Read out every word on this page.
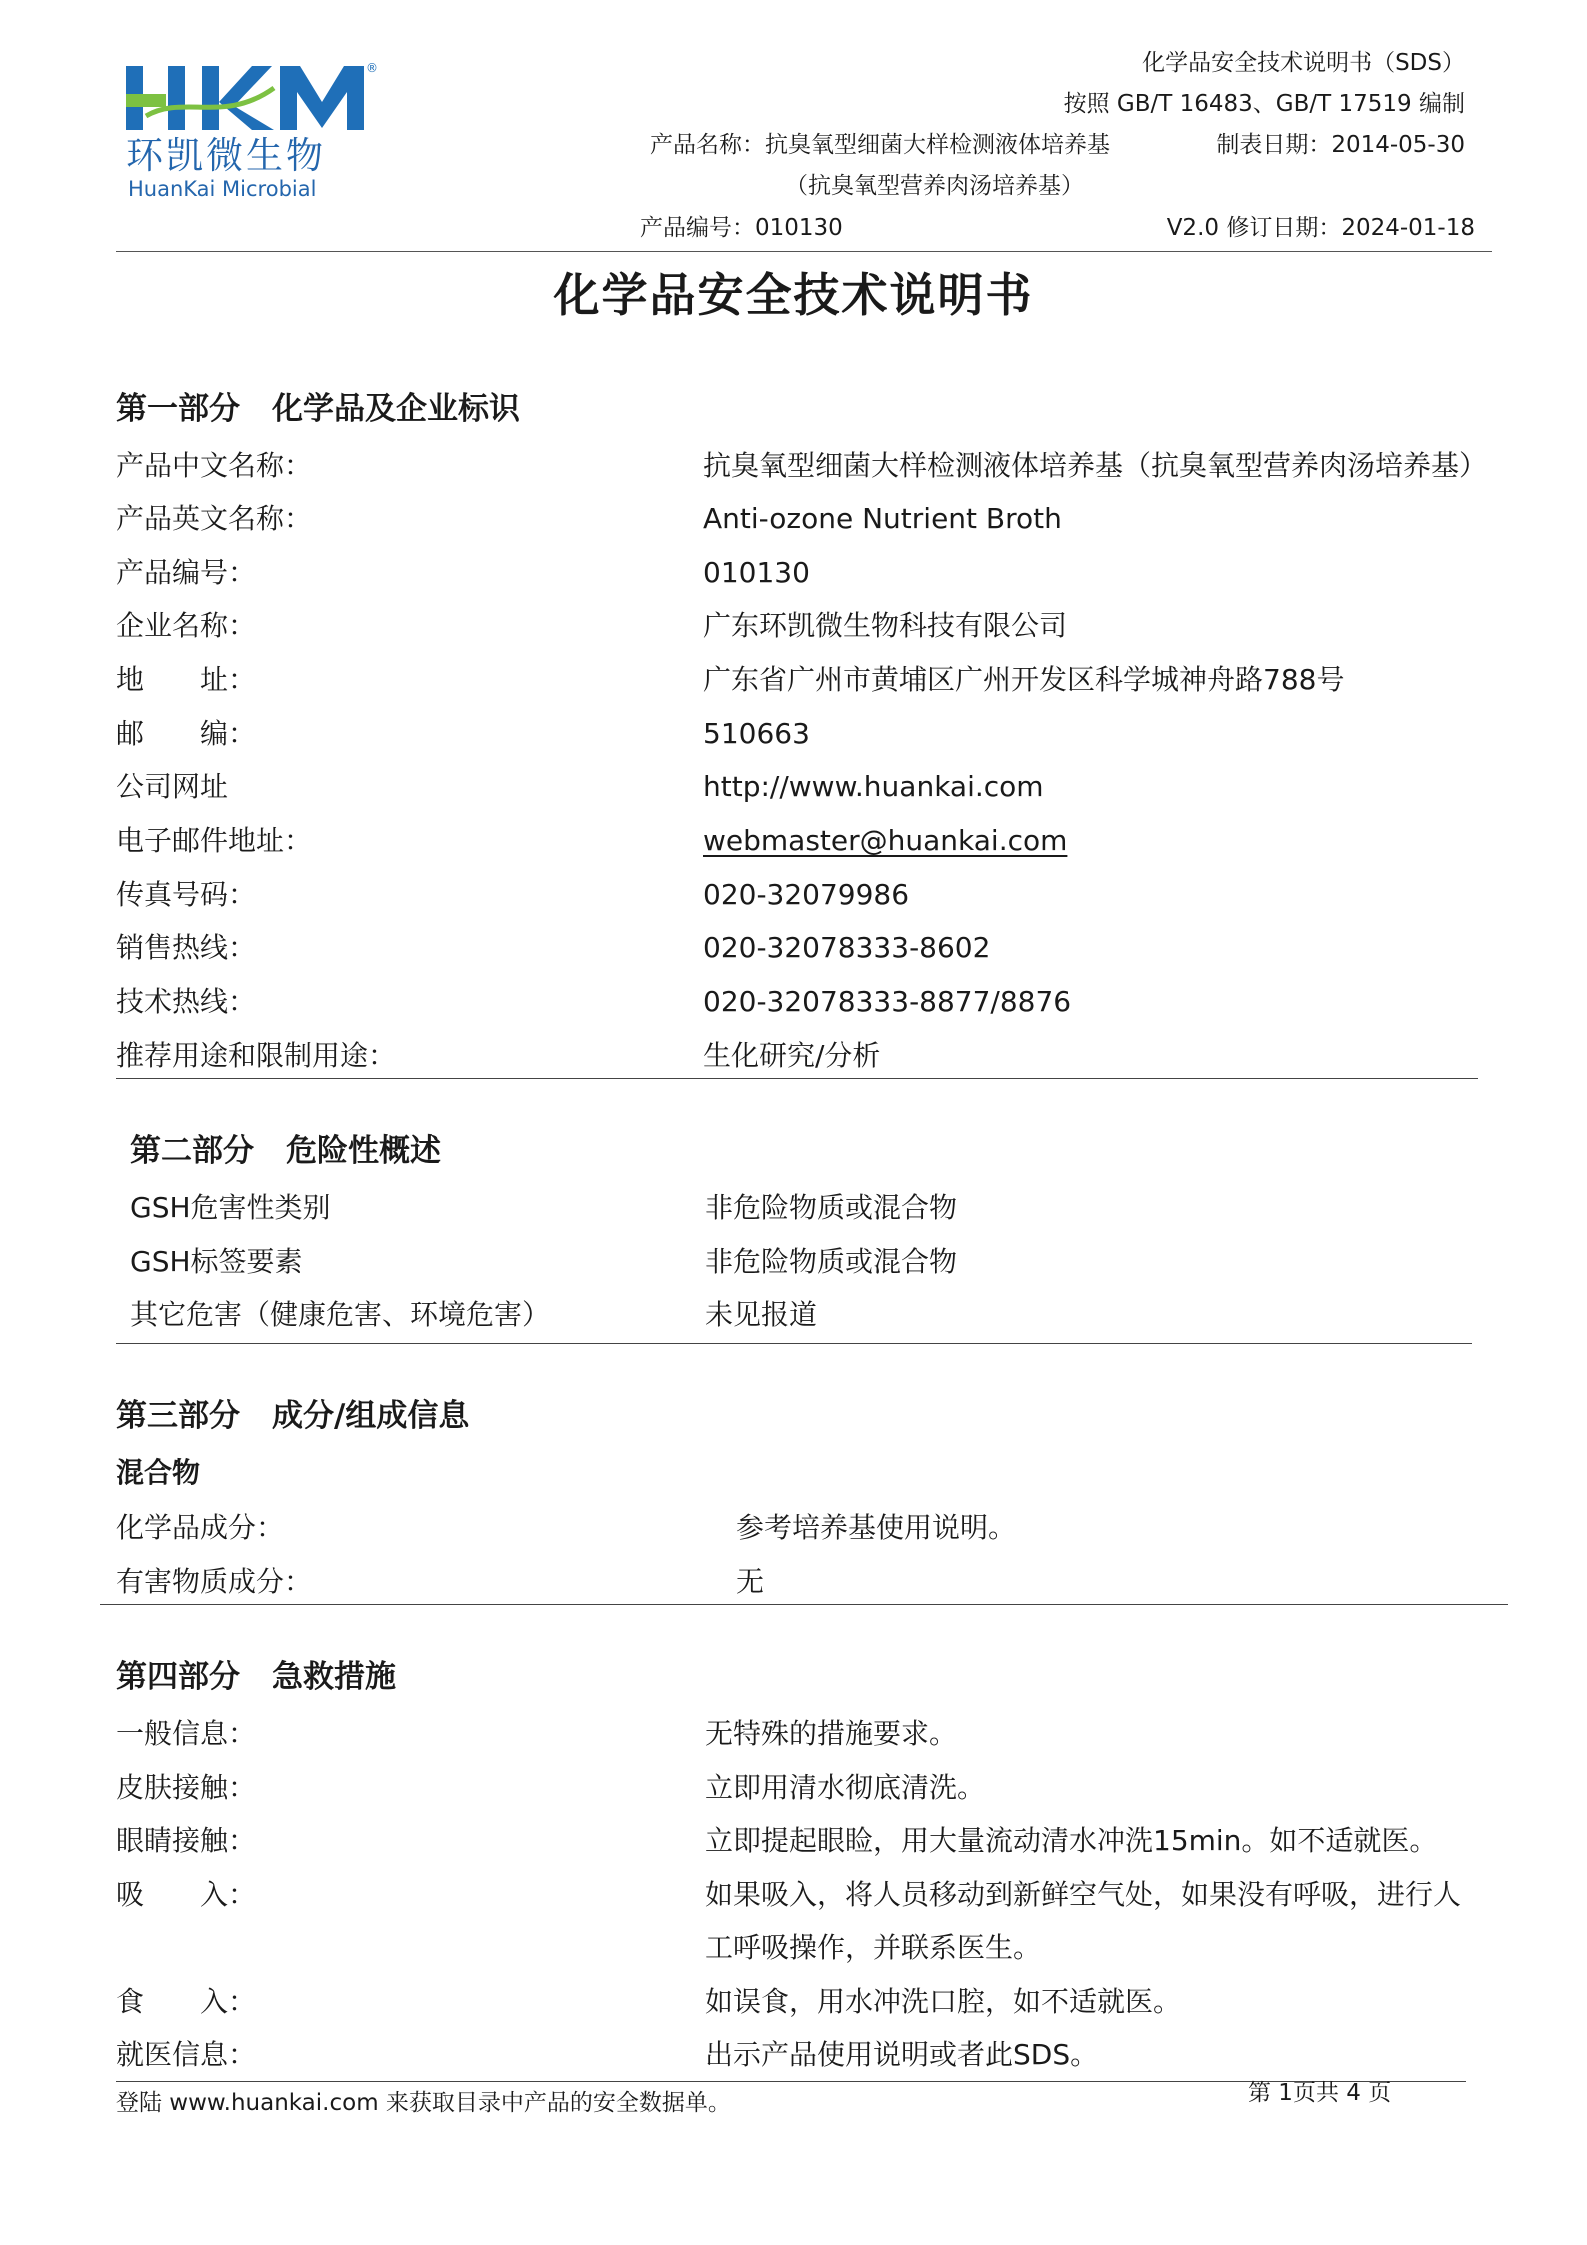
®
环凯微生物
HuanKai Microbial
化学品安全技术说明书（SDS）
按照 GB/T 16483、GB/T 17519 编制
产品名称：抗臭氧型细菌大样检测液体培养基	制表日期：2014-05-30
（抗臭氧型营养肉汤培养基）
产品编号：010130	V2.0 修订日期：2024-01-18
化学品安全技术说明书
第一部分 化学品及企业标识
产品中文名称：	抗臭氧型细菌大样检测液体培养基（抗臭氧型营养肉汤培养基）
产品英文名称：	Anti-ozone Nutrient Broth
产品编号：	010130
企业名称：	广东环凯微生物科技有限公司
地　　址：	广东省广州市黄埔区广州开发区科学城神舟路788号
邮　　编：	510663
公司网址	http://www.huankai.com
电子邮件地址：	webmaster@huankai.com
传真号码：	020-32079986
销售热线：	020-32078333-8602
技术热线：	020-32078333-8877/8876
推荐用途和限制用途：	生化研究/分析
第二部分 危险性概述
GSH危害性类别	非危险物质或混合物
GSH标签要素	非危险物质或混合物
其它危害（健康危害、环境危害）	未见报道
第三部分 成分/组成信息
混合物
化学品成分：	参考培养基使用说明。
有害物质成分：	无
第四部分 急救措施
一般信息：	无特殊的措施要求。
皮肤接触：	立即用清水彻底清洗。
眼睛接触：	立即提起眼睑，用大量流动清水冲洗15min。如不适就医。
吸　　入：	如果吸入，将人员移动到新鲜空气处，如果没有呼吸，进行人
工呼吸操作，并联系医生。
食　　入：	如误食，用水冲洗口腔，如不适就医。
就医信息：	出示产品使用说明或者此SDS。
登陆 www.huankai.com 来获取目录中产品的安全数据单。	第 1页共 4 页
